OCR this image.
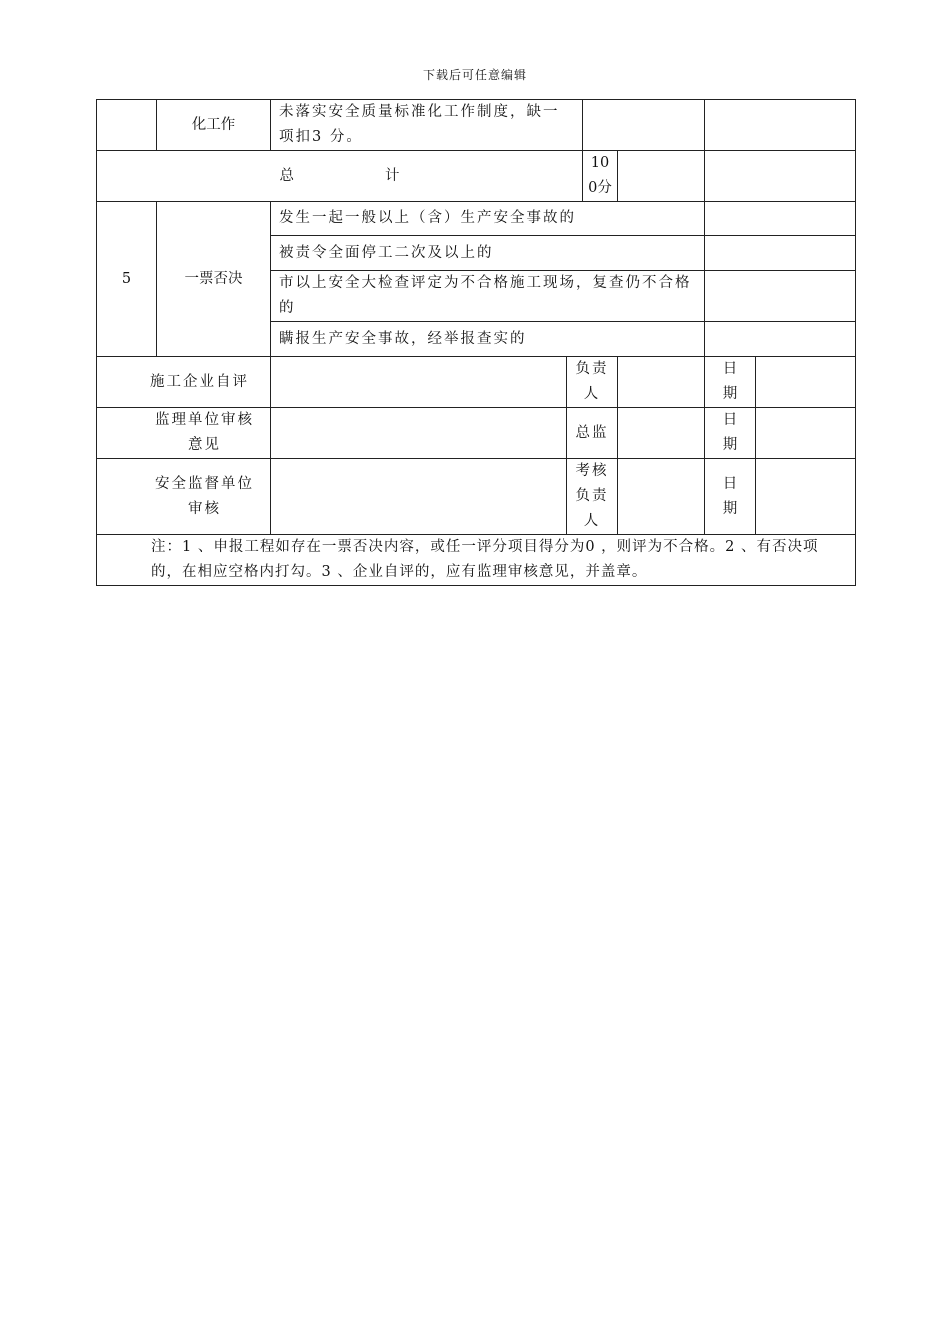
下载后可任意编辑
	化工作	未落实安全质量标准化工作制度，缺一项扣3 分。					
总　　计				100分			
5	一票否决	发生一起一般以上（含）生产安全事故的					
		被责令全面停工二次及以上的					
		市以上安全大检查评定为不合格施工现场，复查仍不合格的					
		瞒报生产安全事故，经举报查实的					
施工企业自评			负责人			日期	
监理单位审核意见			总监			日期	
安全监督单位审核			考核负责人			日期	
注：1 、申报工程如存在一票否决内容，或任一评分项目得分为0 ，则评为不合格。2 、有否决项的，在相应空格内打勾。3 、企业自评的，应有监理审核意见，并盖章。							
